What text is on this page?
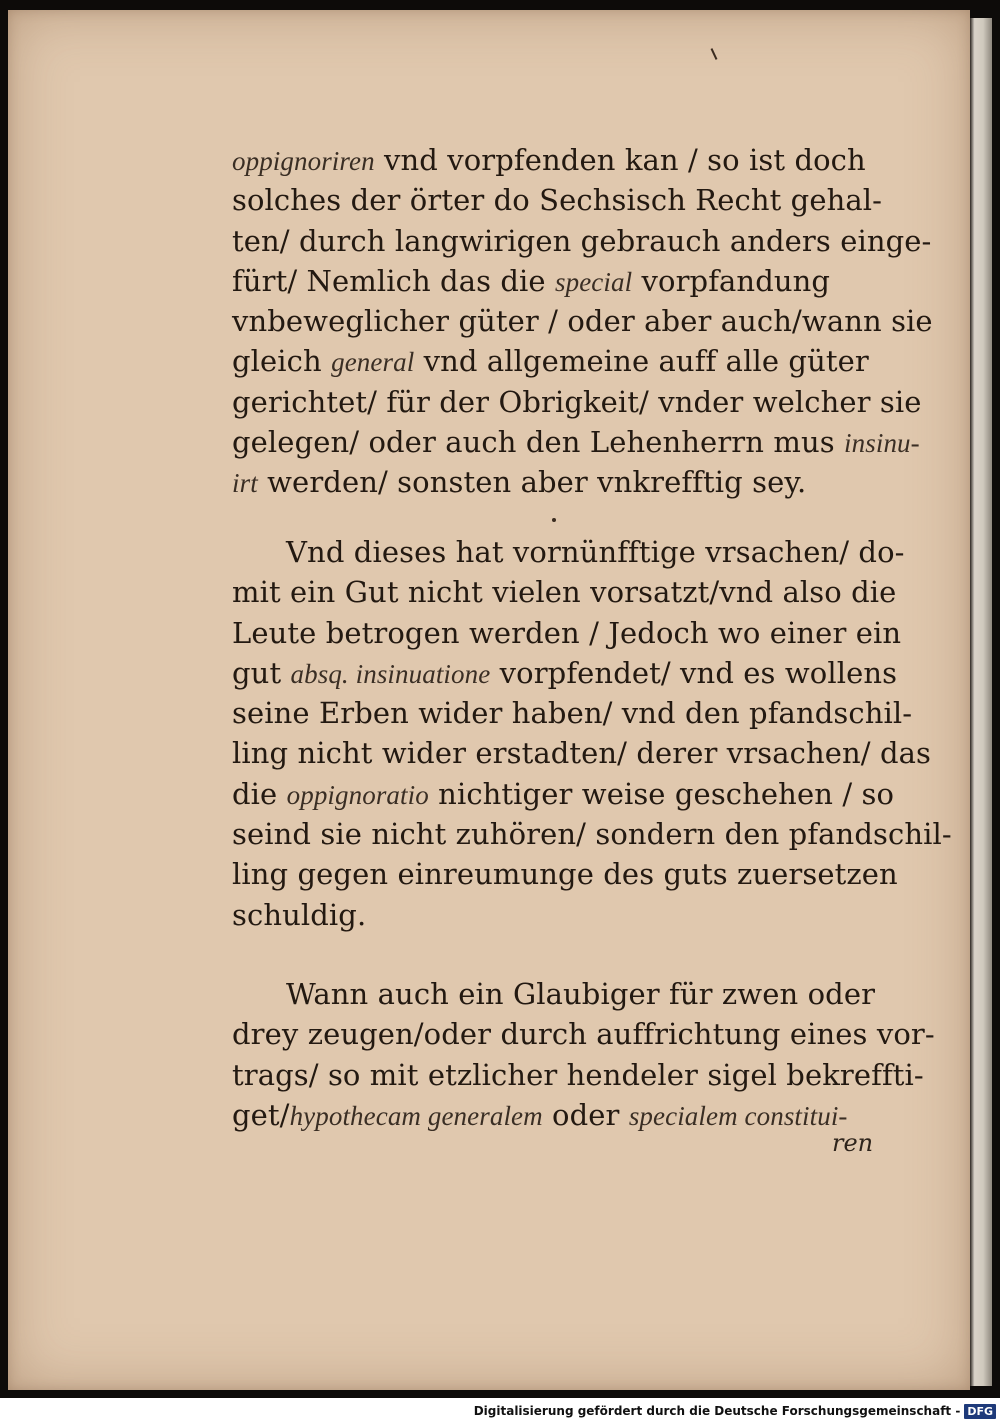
oppignoriren vnd vorpfenden kan / so ist doch
solches der örter do Sechsisch Recht gehal-
ten/ durch langwirigen gebrauch anders einge-
fürt/ Nemlich das die special vorpfandung
vnbeweglicher güter / oder aber auch/wann sie
gleich general vnd allgemeine auff alle güter
gerichtet/ für der Obrigkeit/ vnder welcher sie
gelegen/ oder auch den Lehenherrn mus insinu-
irt werden/ sonsten aber vnkrefftig sey.
Vnd dieses hat vornünfftige vrsachen/ do-
mit ein Gut nicht vielen vorsatzt/vnd also die
Leute betrogen werden / Jedoch wo einer ein
gut absq. insinuatione vorpfendet/ vnd es wollens
seine Erben wider haben/ vnd den pfandschil-
ling nicht wider erstadten/ derer vrsachen/ das
die oppignoratio nichtiger weise geschehen / so
seind sie nicht zuhören/ sondern den pfandschil-
ling gegen einreumunge des guts zuersetzen
schuldig.
Wann auch ein Glaubiger für zwen oder
drey zeugen/oder durch auffrichtung eines vor-
trags/ so mit etzlicher hendeler sigel bekreffti-
get/hypothecam generalem oder specialem constitui-
ren
Digitalisierung gefördert durch die Deutsche Forschungsgemeinschaft - DFG
